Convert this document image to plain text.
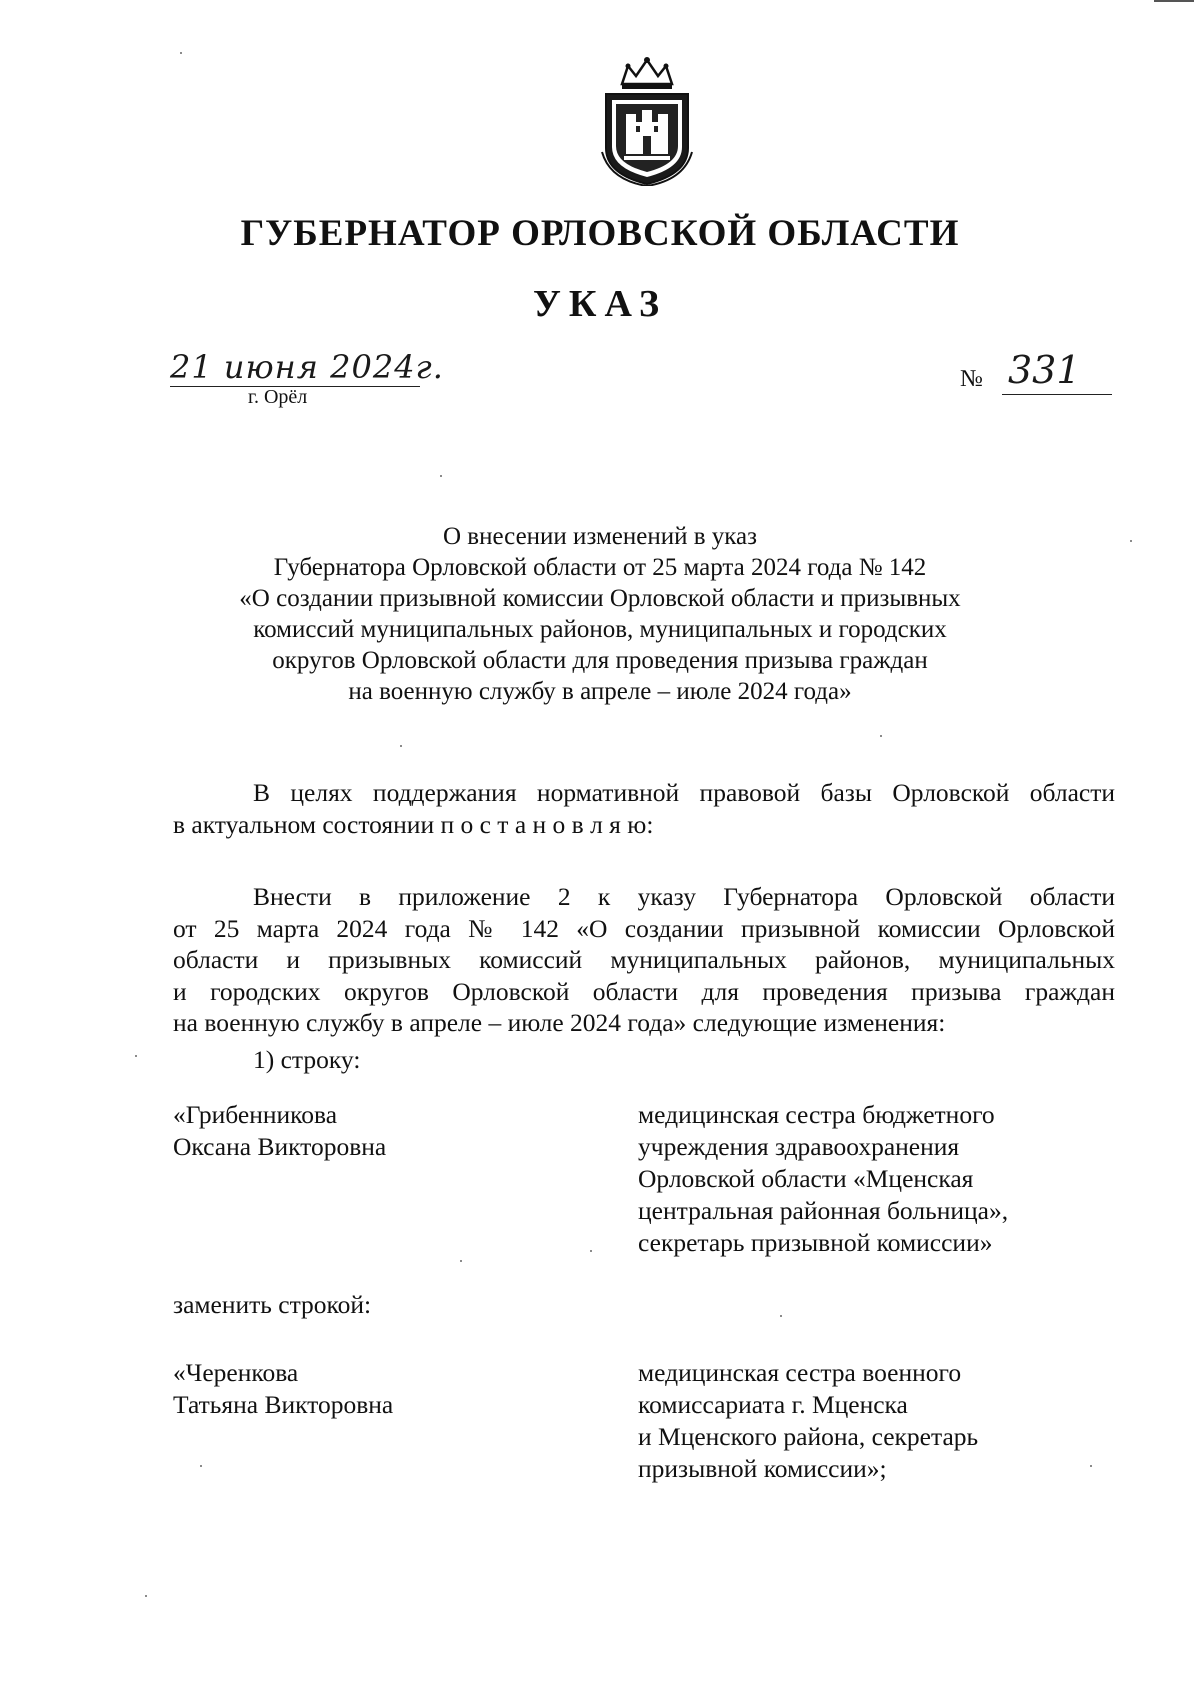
ГУБЕРНАТОР ОРЛОВСКОЙ ОБЛАСТИ
УКАЗ
21 июня 2024г.
г. Орёл
№ 331
О внесении изменений в указ
Губернатора Орловской области от 25 марта 2024 года № 142
«О создании призывной комиссии Орловской области и призывных
комиссий муниципальных районов, муниципальных и городских
округов Орловской области для проведения призыва граждан
на военную службу в апреле – июле 2024 года»
В целях поддержания нормативной правовой базы Орловской области
в актуальном состоянии п о с т а н о в л я ю:
Внести в приложение 2 к указу Губернатора Орловской области
от 25 марта 2024 года № 142 «О создании призывной комиссии Орловской
области и призывных комиссий муниципальных районов, муниципальных
и городских округов Орловской области для проведения призыва граждан
на военную службу в апреле – июле 2024 года» следующие изменения:
1) строку:
«Грибенникова
Оксана Викторовна
медицинская сестра бюджетного
учреждения здравоохранения
Орловской области «Мценская
центральная районная больница»,
секретарь призывной комиссии»
заменить строкой:
«Черенкова
Татьяна Викторовна
медицинская сестра военного
комиссариата г. Мценска
и Мценского района, секретарь
призывной комиссии»;
